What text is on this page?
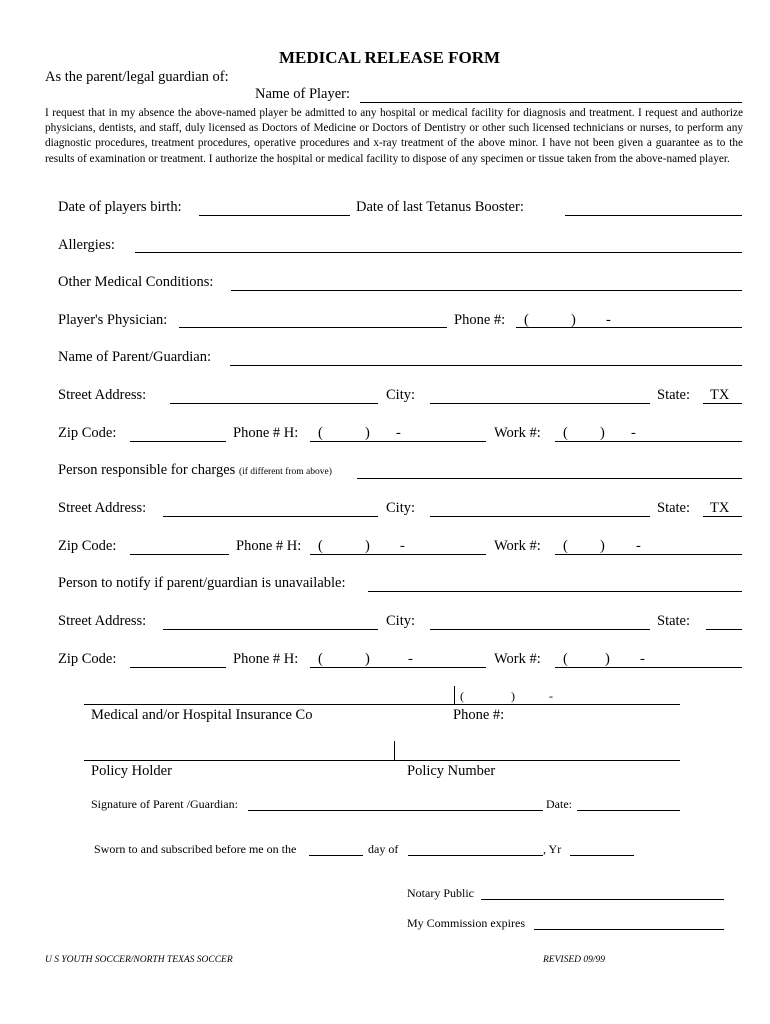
MEDICAL RELEASE FORM
As the parent/legal guardian of:
Name of Player:
I request that in my absence the above-named player be admitted to any hospital or medical facility for diagnosis and treatment. I request and authorize physicians, dentists, and staff, duly licensed as Doctors of Medicine or Doctors of Dentistry or other such licensed technicians or nurses, to perform any diagnostic procedures, treatment procedures, operative procedures and x-ray treatment of the above minor. I have not been given a guarantee as to the results of examination or treatment. I authorize the hospital or medical facility to dispose of any specimen or tissue taken from the above-named player.
Date of players birth:	Date of last Tetanus Booster:
Allergies:
Other Medical Conditions:
Player's Physician:	Phone #: (	) -
Name of Parent/Guardian:
Street Address:	City:	State: TX
Zip Code:	Phone # H: (	) -	Work #: ( ) -
Person responsible for charges (if different from above)
Street Address:	City:	State: TX
Zip Code:	Phone # H: (	) -	Work #: ( ) -
Person to notify if parent/guardian is unavailable:
Street Address:	City:	State:
Zip Code:	Phone # H: (	)	-	Work #: (	) -
(	)	-
Medical and/or Hospital Insurance Co	Phone #:
Policy Holder	Policy Number
Signature of Parent /Guardian:	Date:
Sworn to and subscribed before me on the	day of	, Yr
Notary Public
My Commission expires
U S YOUTH SOCCER/NORTH TEXAS SOCCER	REVISED 09/99
